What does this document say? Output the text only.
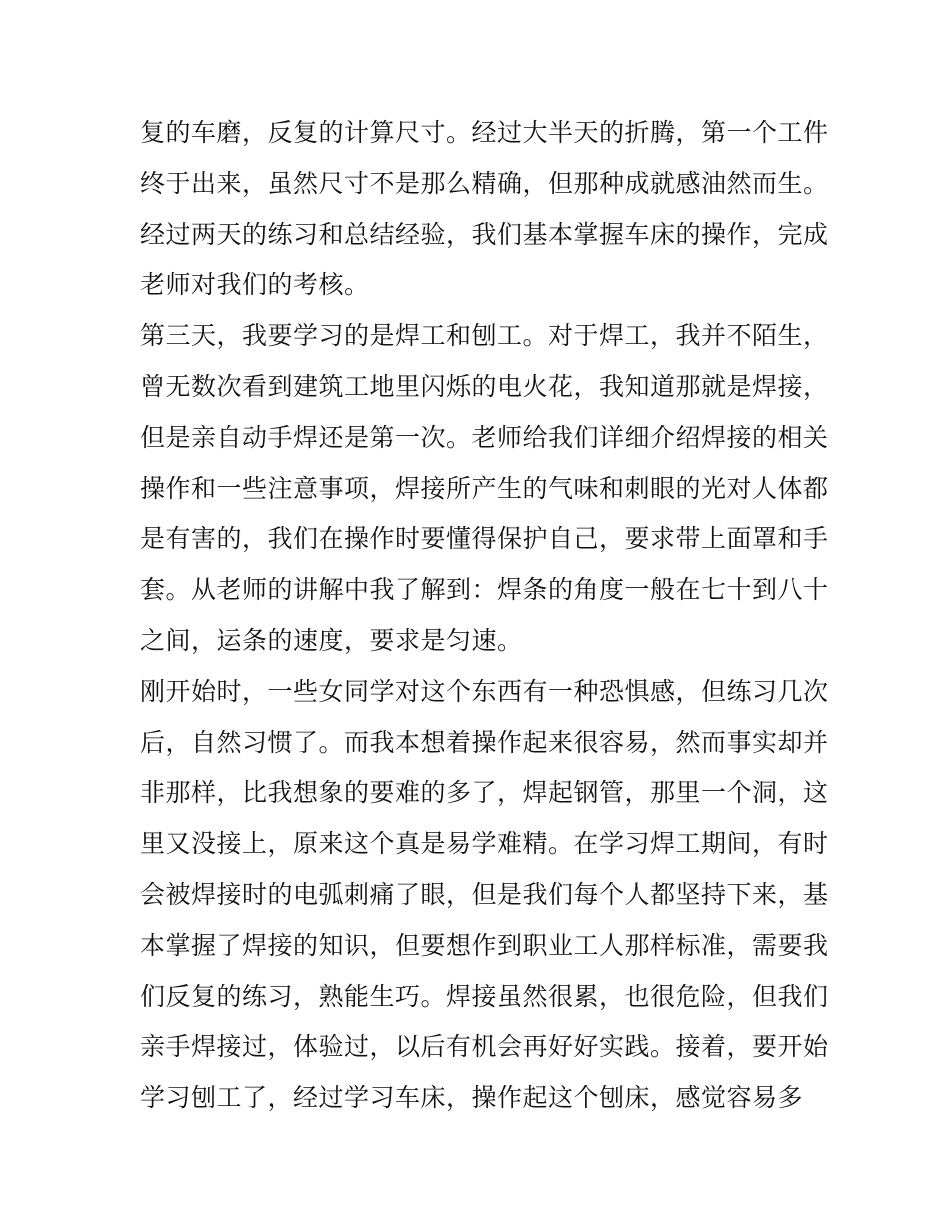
复的车磨，反复的计算尺寸。经过大半天的折腾，第一个工件
终于出来，虽然尺寸不是那么精确，但那种成就感油然而生。
经过两天的练习和总结经验，我们基本掌握车床的操作，完成
老师对我们的考核。
第三天，我要学习的是焊工和刨工。对于焊工，我并不陌生，
曾无数次看到建筑工地里闪烁的电火花，我知道那就是焊接，
但是亲自动手焊还是第一次。老师给我们详细介绍焊接的相关
操作和一些注意事项，焊接所产生的气味和刺眼的光对人体都
是有害的，我们在操作时要懂得保护自己，要求带上面罩和手
套。从老师的讲解中我了解到：焊条的角度一般在七十到八十
之间，运条的速度，要求是匀速。
刚开始时，一些女同学对这个东西有一种恐惧感，但练习几次
后，自然习惯了。而我本想着操作起来很容易，然而事实却并
非那样，比我想象的要难的多了，焊起钢管，那里一个洞，这
里又没接上，原来这个真是易学难精。在学习焊工期间，有时
会被焊接时的电弧刺痛了眼，但是我们每个人都坚持下来，基
本掌握了焊接的知识，但要想作到职业工人那样标准，需要我
们反复的练习，熟能生巧。焊接虽然很累，也很危险，但我们
亲手焊接过，体验过，以后有机会再好好实践。接着，要开始
学习刨工了，经过学习车床，操作起这个刨床，感觉容易多
